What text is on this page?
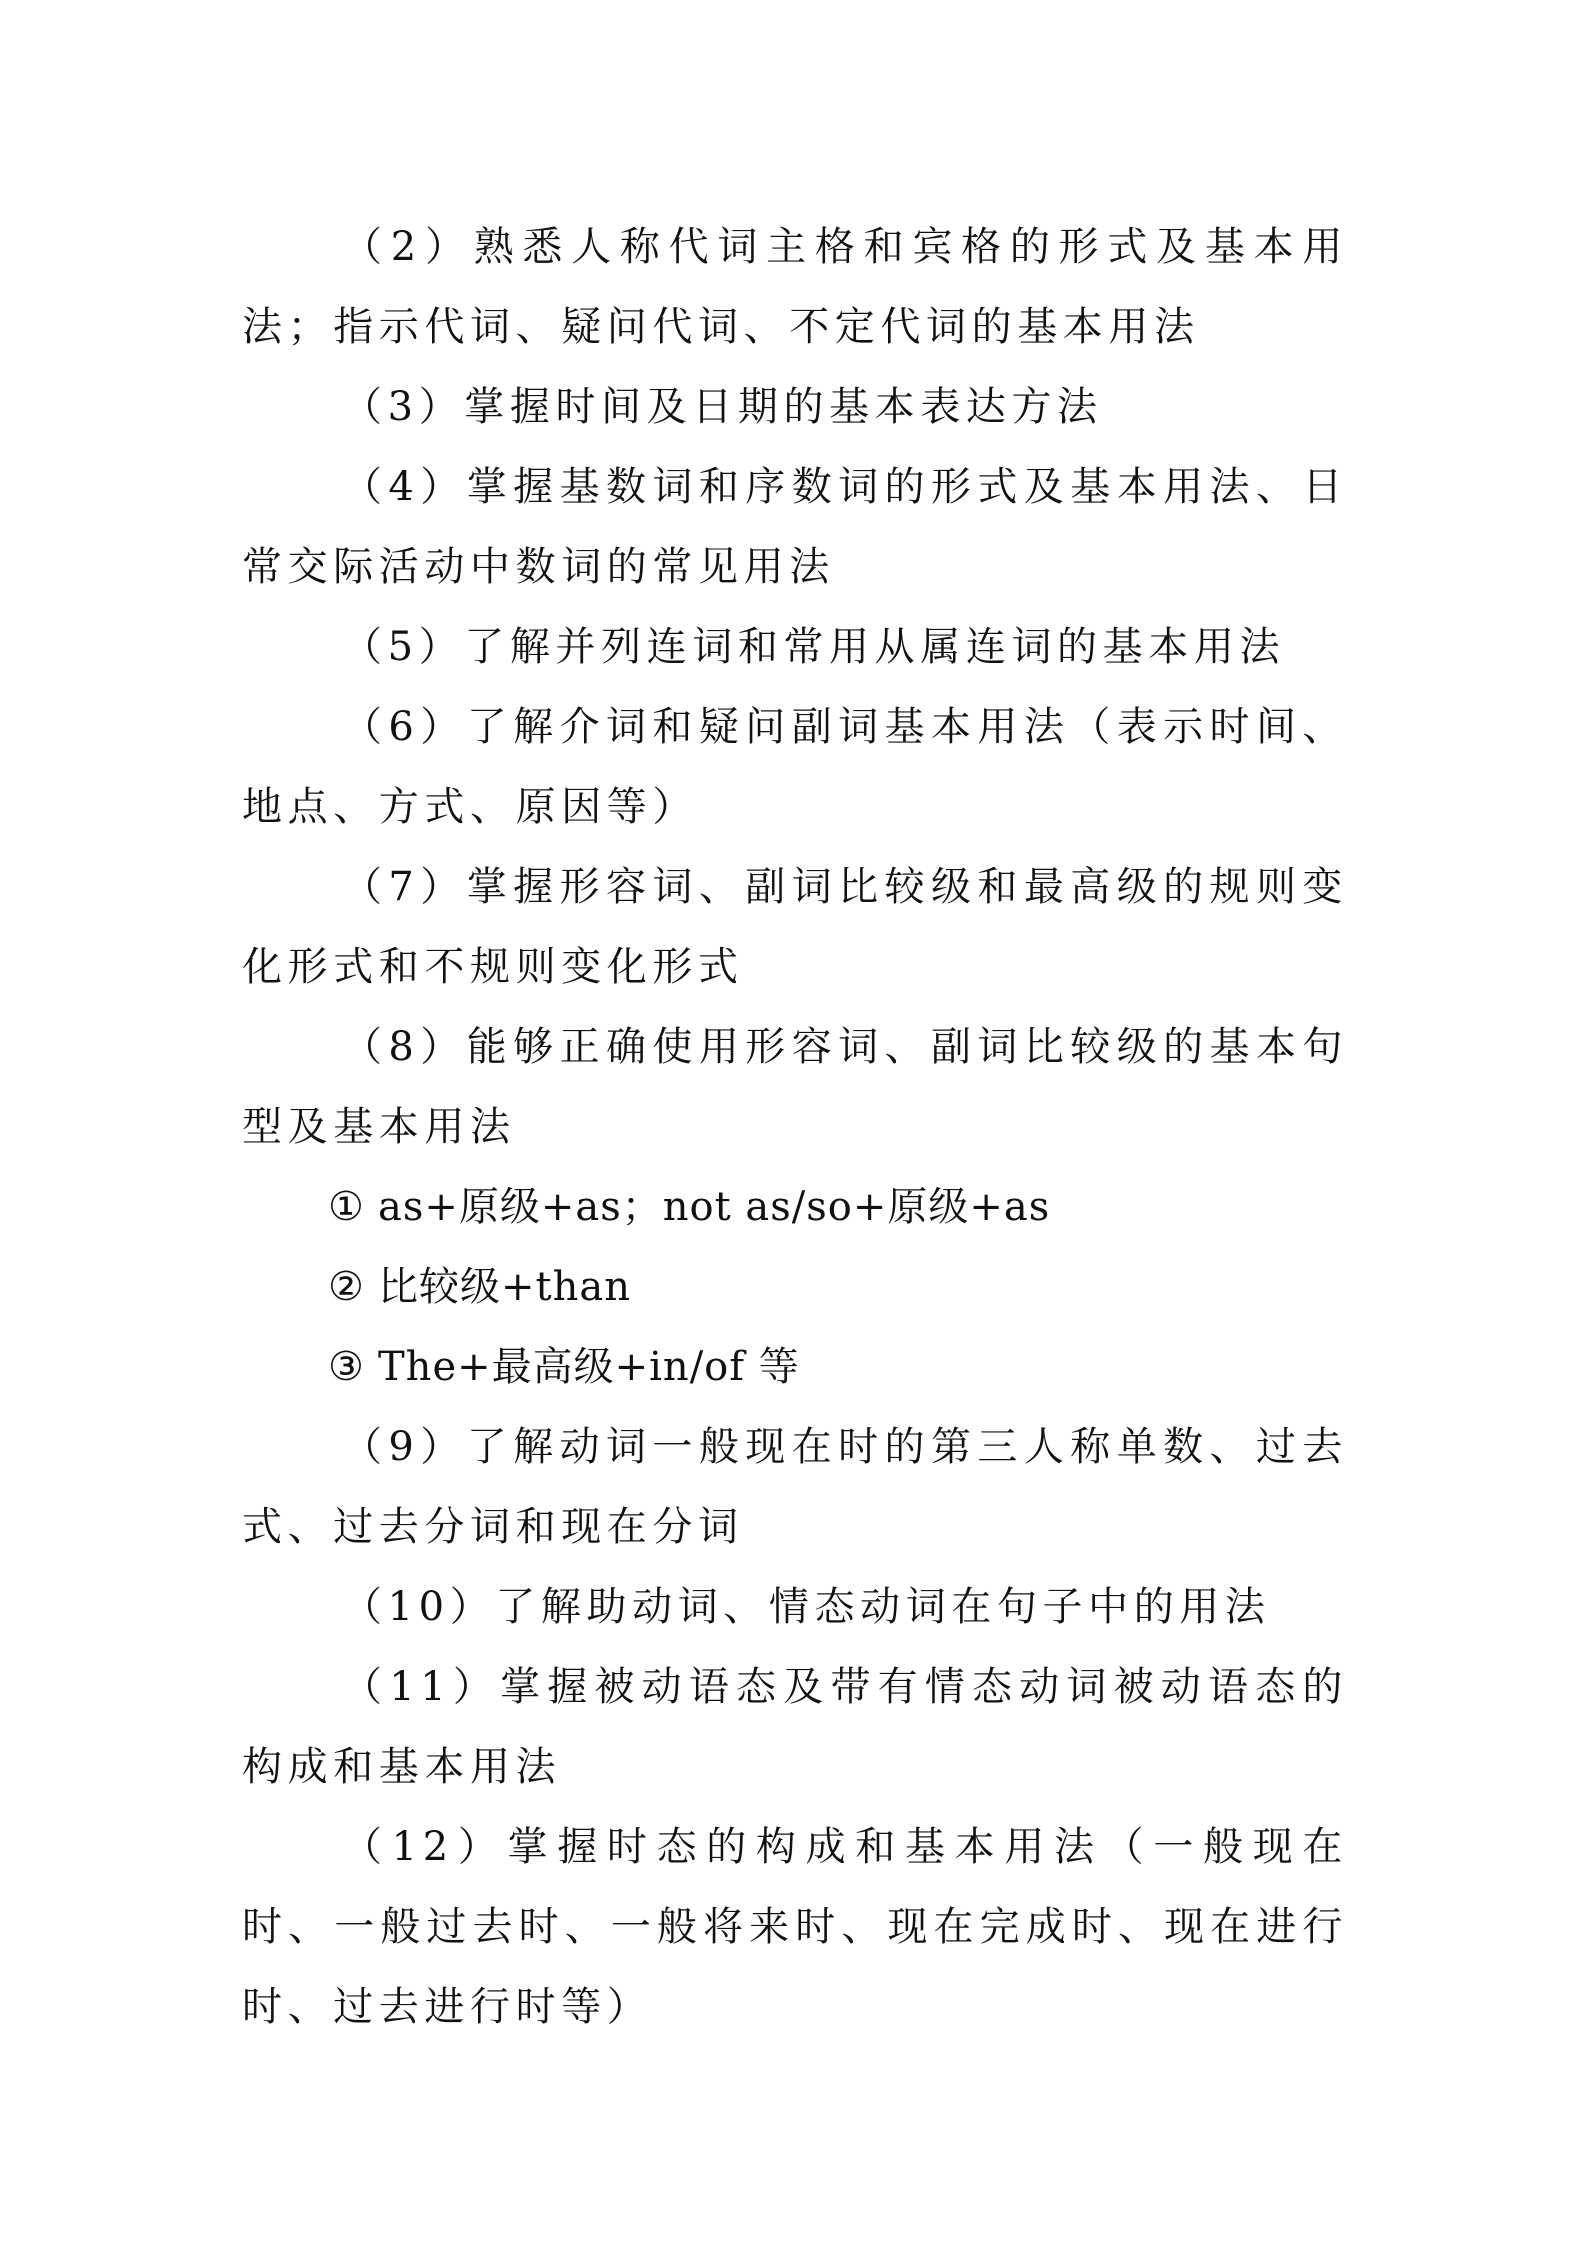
（2）熟悉人称代词主格和宾格的形式及基本用法；指示代词、疑问代词、不定代词的基本用法

（3）掌握时间及日期的基本表达方法

（4）掌握基数词和序数词的形式及基本用法、日常交际活动中数词的常见用法

（5）了解并列连词和常用从属连词的基本用法

（6）了解介词和疑问副词基本用法（表示时间、地点、方式、原因等）

（7）掌握形容词、副词比较级和最高级的规则变化形式和不规则变化形式

（8）能够正确使用形容词、副词比较级的基本句型及基本用法

① as+原级+as；not as/so+原级+as

② 比较级+than

③ The+最高级+in/of 等

（9）了解动词一般现在时的第三人称单数、过去式、过去分词和现在分词

（10）了解助动词、情态动词在句子中的用法

（11）掌握被动语态及带有情态动词被动语态的构成和基本用法

（12）掌握时态的构成和基本用法（一般现在时、一般过去时、一般将来时、现在完成时、现在进行时、过去进行时等）
